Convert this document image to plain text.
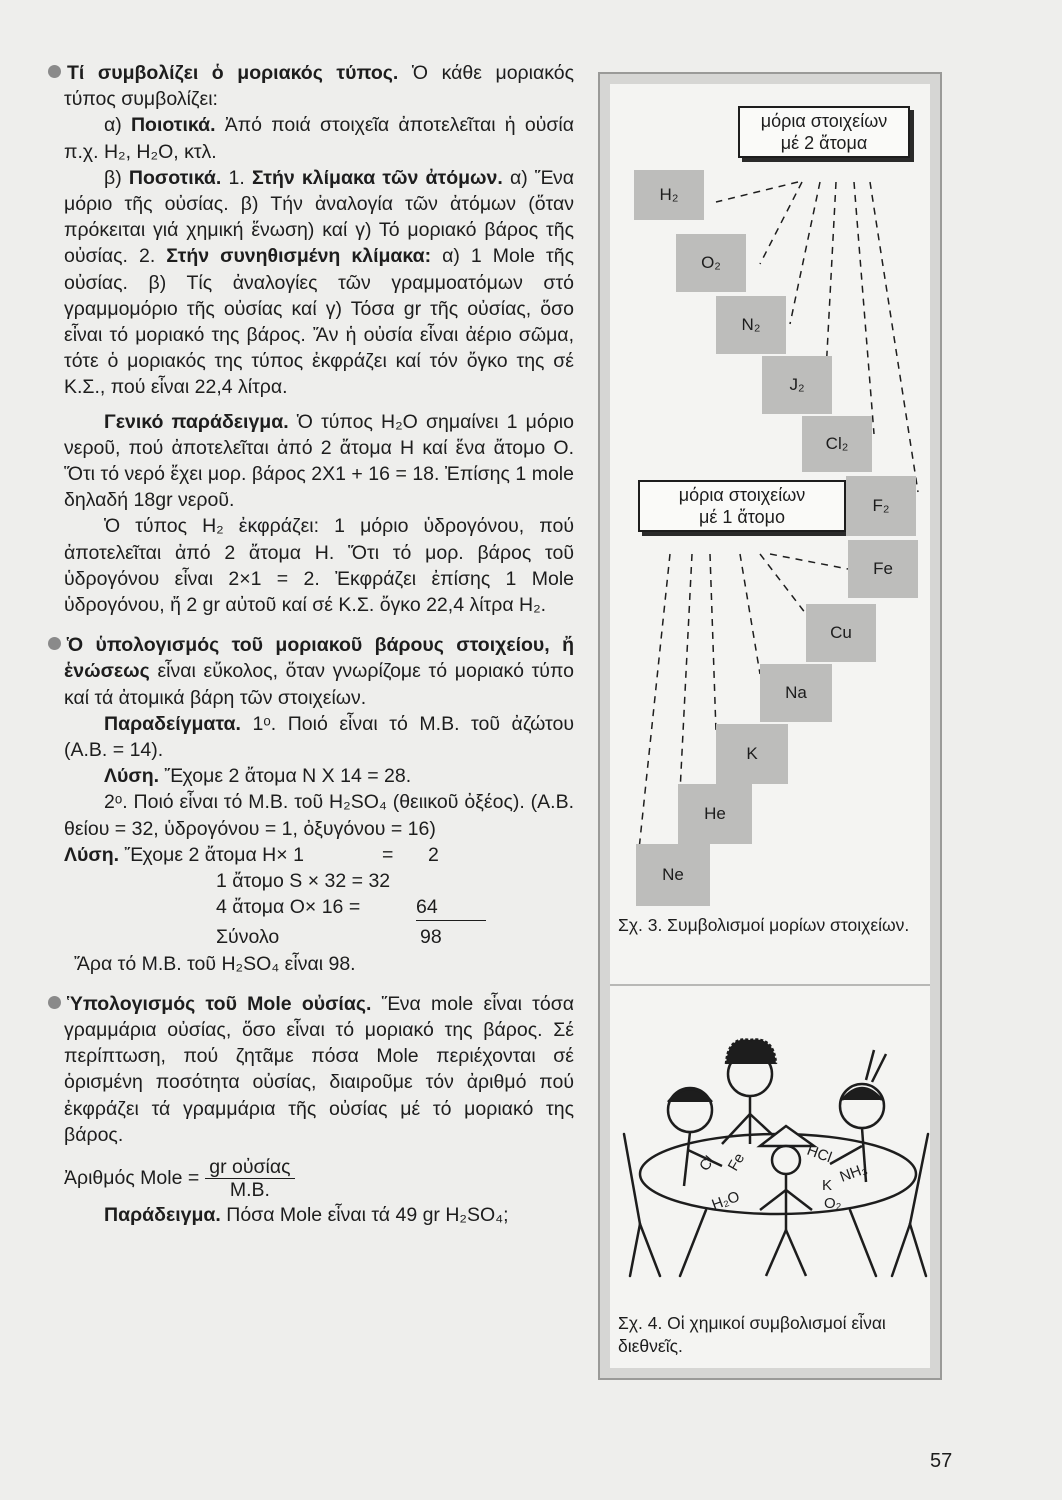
Τί συμβολίζει ὁ μοριακός τύπος. Ὁ κάθε μοριακός τύπος συμβολίζει:

α) Ποιοτικά. Ἀπό ποιά στοιχεῖα ἀποτελεῖται ἡ οὐσία π.χ. H₂, H₂O, κτλ.

β) Ποσοτικά. 1. Στήν κλίμακα τῶν ἀτόμων. α) Ἕνα μόριο τῆς οὐσίας. β) Τήν ἀναλογία τῶν ἀτόμων (ὅταν πρόκειται γιά χημική ἕνωση) καί γ) Τό μοριακό βάρος τῆς οὐσίας. 2. Στήν συνηθισμένη κλίμακα: α) 1 Mole τῆς οὐσίας. β) Τίς ἀναλογίες τῶν γραμμοατόμων στό γραμμομόριο τῆς οὐσίας καί γ) Τόσα gr τῆς οὐσίας, ὅσο εἶναι τό μοριακό της βάρος. Ἄν ἡ οὐσία εἶναι ἀέριο σῶμα, τότε ὁ μοριακός της τύπος ἐκφράζει καί τόν ὄγκο της σέ Κ.Σ., πού εἶναι 22,4 λίτρα.

Γενικό παράδειγμα. Ὁ τύπος H₂O σημαίνει 1 μόριο νεροῦ, πού ἀποτελεῖται ἀπό 2 ἄτομα H καί ἕνα ἄτομο O. Ὅτι τό νερό ἔχει μορ. βάρος 2X1 + 16 = 18. Ἐπίσης 1 mole δηλαδή 18gr νεροῦ.

Ὁ τύπος H₂ ἐκφράζει: 1 μόριο ὑδρογόνου, πού ἀποτελεῖται ἀπό 2 ἄτομα H. Ὅτι τό μορ. βάρος τοῦ ὑδρογόνου εἶναι 2×1 = 2. Ἐκφράζει ἐπίσης 1 Mole ὑδρογόνου, ἤ 2 gr αὐτοῦ καί σέ Κ.Σ. ὄγκο 22,4 λίτρα H₂.

Ὁ ὑπολογισμός τοῦ μοριακοῦ βάρους στοιχείου, ἤ ἑνώσεως εἶναι εὔκολος, ὅταν γνωρίζομε τό μοριακό τύπο καί τά ἀτομικά βάρη τῶν στοιχείων.

Παραδείγματα. 1ᵒ. Ποιό εἶναι τό M.B. τοῦ ἀζώτου (A.B. = 14).

Λύση. Ἔχομε 2 ἄτομα N X 14 = 28.

2ᵒ. Ποιό εἶναι τό M.B. τοῦ H₂SO₄ (θειικοῦ ὀξέος). (A.B. θείου = 32, ὑδρογόνου = 1, ὀξυγόνου = 16)

Λύση. Ἔχομε 2 ἄτομα H× 1	= 2
1 ἄτομο S × 32 = 32
4 ἄτομα O× 16 =	64
Σύνολο	98
Ἄρα τό M.B. τοῦ H₂SO₄ εἶναι 98.

Ὑπολογισμός τοῦ Mole οὐσίας. Ἕνα mole εἶναι τόσα γραμμάρια οὐσίας, ὅσο εἶναι τό μοριακό της βάρος. Σέ περίπτωση, πού ζητᾶμε πόσα Mole περιέχονται σέ ὁρισμένη ποσότητα οὐσίας, διαιροῦμε τόν ἀριθμό πού ἐκφράζει τά γραμμάρια τῆς οὐσίας μέ τό μοριακό της βάρος.

Ἀριθμός Mole = $\frac{\text{gr οὐσίας}}{M.B.}$

Παράδειγμα. Πόσα Mole εἶναι τά 49 gr H₂SO₄;

μόρια στοιχείων
μέ 2 ἄτομα
μόρια στοιχείων
μέ 1 ἄτομο
H₂
O₂
N₂
J₂
Cl₂
F₂
Fe
Cu
Na
K
He
Ne
Σχ. 3. Συμβολισμοί μορίων στοιχείων.
HCl
NH₃
K
O₂
Cl Fe
H₂O
Σχ. 4. Οἱ χημικοί συμβολισμοί εἶναι διεθνεῖς.
57
